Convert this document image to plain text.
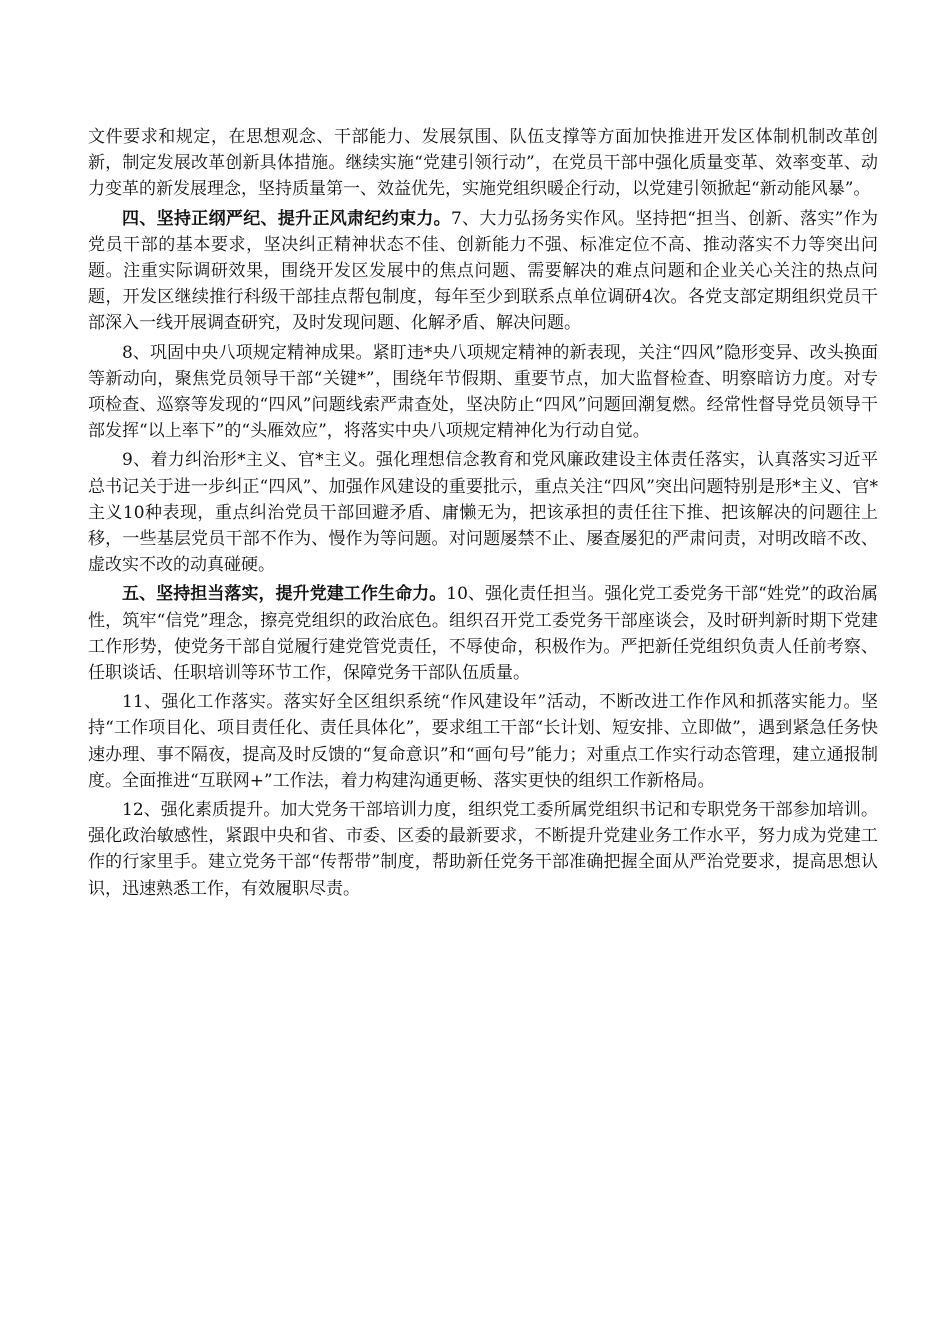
文件要求和规定，在思想观念、干部能力、发展氛围、队伍支撑等方面加快推进开发区体制机制改革创新，制定发展改革创新具体措施。继续实施“党建引领行动”，在党员干部中强化质量变革、效率变革、动力变革的新发展理念，坚持质量第一、效益优先，实施党组织暖企行动，以党建引领掀起“新动能风暴”。

四、坚持正纲严纪、提升正风肃纪约束力。7、大力弘扬务实作风。坚持把“担当、创新、落实”作为党员干部的基本要求，坚决纠正精神状态不佳、创新能力不强、标准定位不高、推动落实不力等突出问题。注重实际调研效果，围绕开发区发展中的焦点问题、需要解决的难点问题和企业关心关注的热点问题，开发区继续推行科级干部挂点帮包制度，每年至少到联系点单位调研4次。各党支部定期组织党员干部深入一线开展调查研究，及时发现问题、化解矛盾、解决问题。

8、巩固中央八项规定精神成果。紧盯违*央八项规定精神的新表现，关注“四风”隐形变异、改头换面等新动向，聚焦党员领导干部“关键*”，围绕年节假期、重要节点，加大监督检查、明察暗访力度。对专项检查、巡察等发现的“四风”问题线索严肃查处，坚决防止“四风”问题回潮复燃。经常性督导党员领导干部发挥“以上率下”的“头雁效应”，将落实中央八项规定精神化为行动自觉。

9、着力纠治形*主义、官*主义。强化理想信念教育和党风廉政建设主体责任落实，认真落实习近平总书记关于进一步纠正“四风”、加强作风建设的重要批示，重点关注“四风”突出问题特别是形*主义、官*主义10种表现，重点纠治党员干部回避矛盾、庸懒无为，把该承担的责任往下推、把该解决的问题往上移，一些基层党员干部不作为、慢作为等问题。对问题屡禁不止、屡查屡犯的严肃问责，对明改暗不改、虚改实不改的动真碰硬。

五、坚持担当落实，提升党建工作生命力。10、强化责任担当。强化党工委党务干部“姓党”的政治属性，筑牢“信党”理念，擦亮党组织的政治底色。组织召开党工委党务干部座谈会，及时研判新时期下党建工作形势，使党务干部自觉履行建党管党责任，不辱使命，积极作为。严把新任党组织负责人任前考察、任职谈话、任职培训等环节工作，保障党务干部队伍质量。

11、强化工作落实。落实好全区组织系统“作风建设年”活动，不断改进工作作风和抓落实能力。坚持“工作项目化、项目责任化、责任具体化”，要求组工干部“长计划、短安排、立即做”，遇到紧急任务快速办理、事不隔夜，提高及时反馈的“复命意识”和“画句号”能力；对重点工作实行动态管理，建立通报制度。全面推进“互联网+”工作法，着力构建沟通更畅、落实更快的组织工作新格局。

12、强化素质提升。加大党务干部培训力度，组织党工委所属党组织书记和专职党务干部参加培训。强化政治敏感性，紧跟中央和省、市委、区委的最新要求，不断提升党建业务工作水平，努力成为党建工作的行家里手。建立党务干部“传帮带”制度，帮助新任党务干部准确把握全面从严治党要求，提高思想认识，迅速熟悉工作，有效履职尽责。
